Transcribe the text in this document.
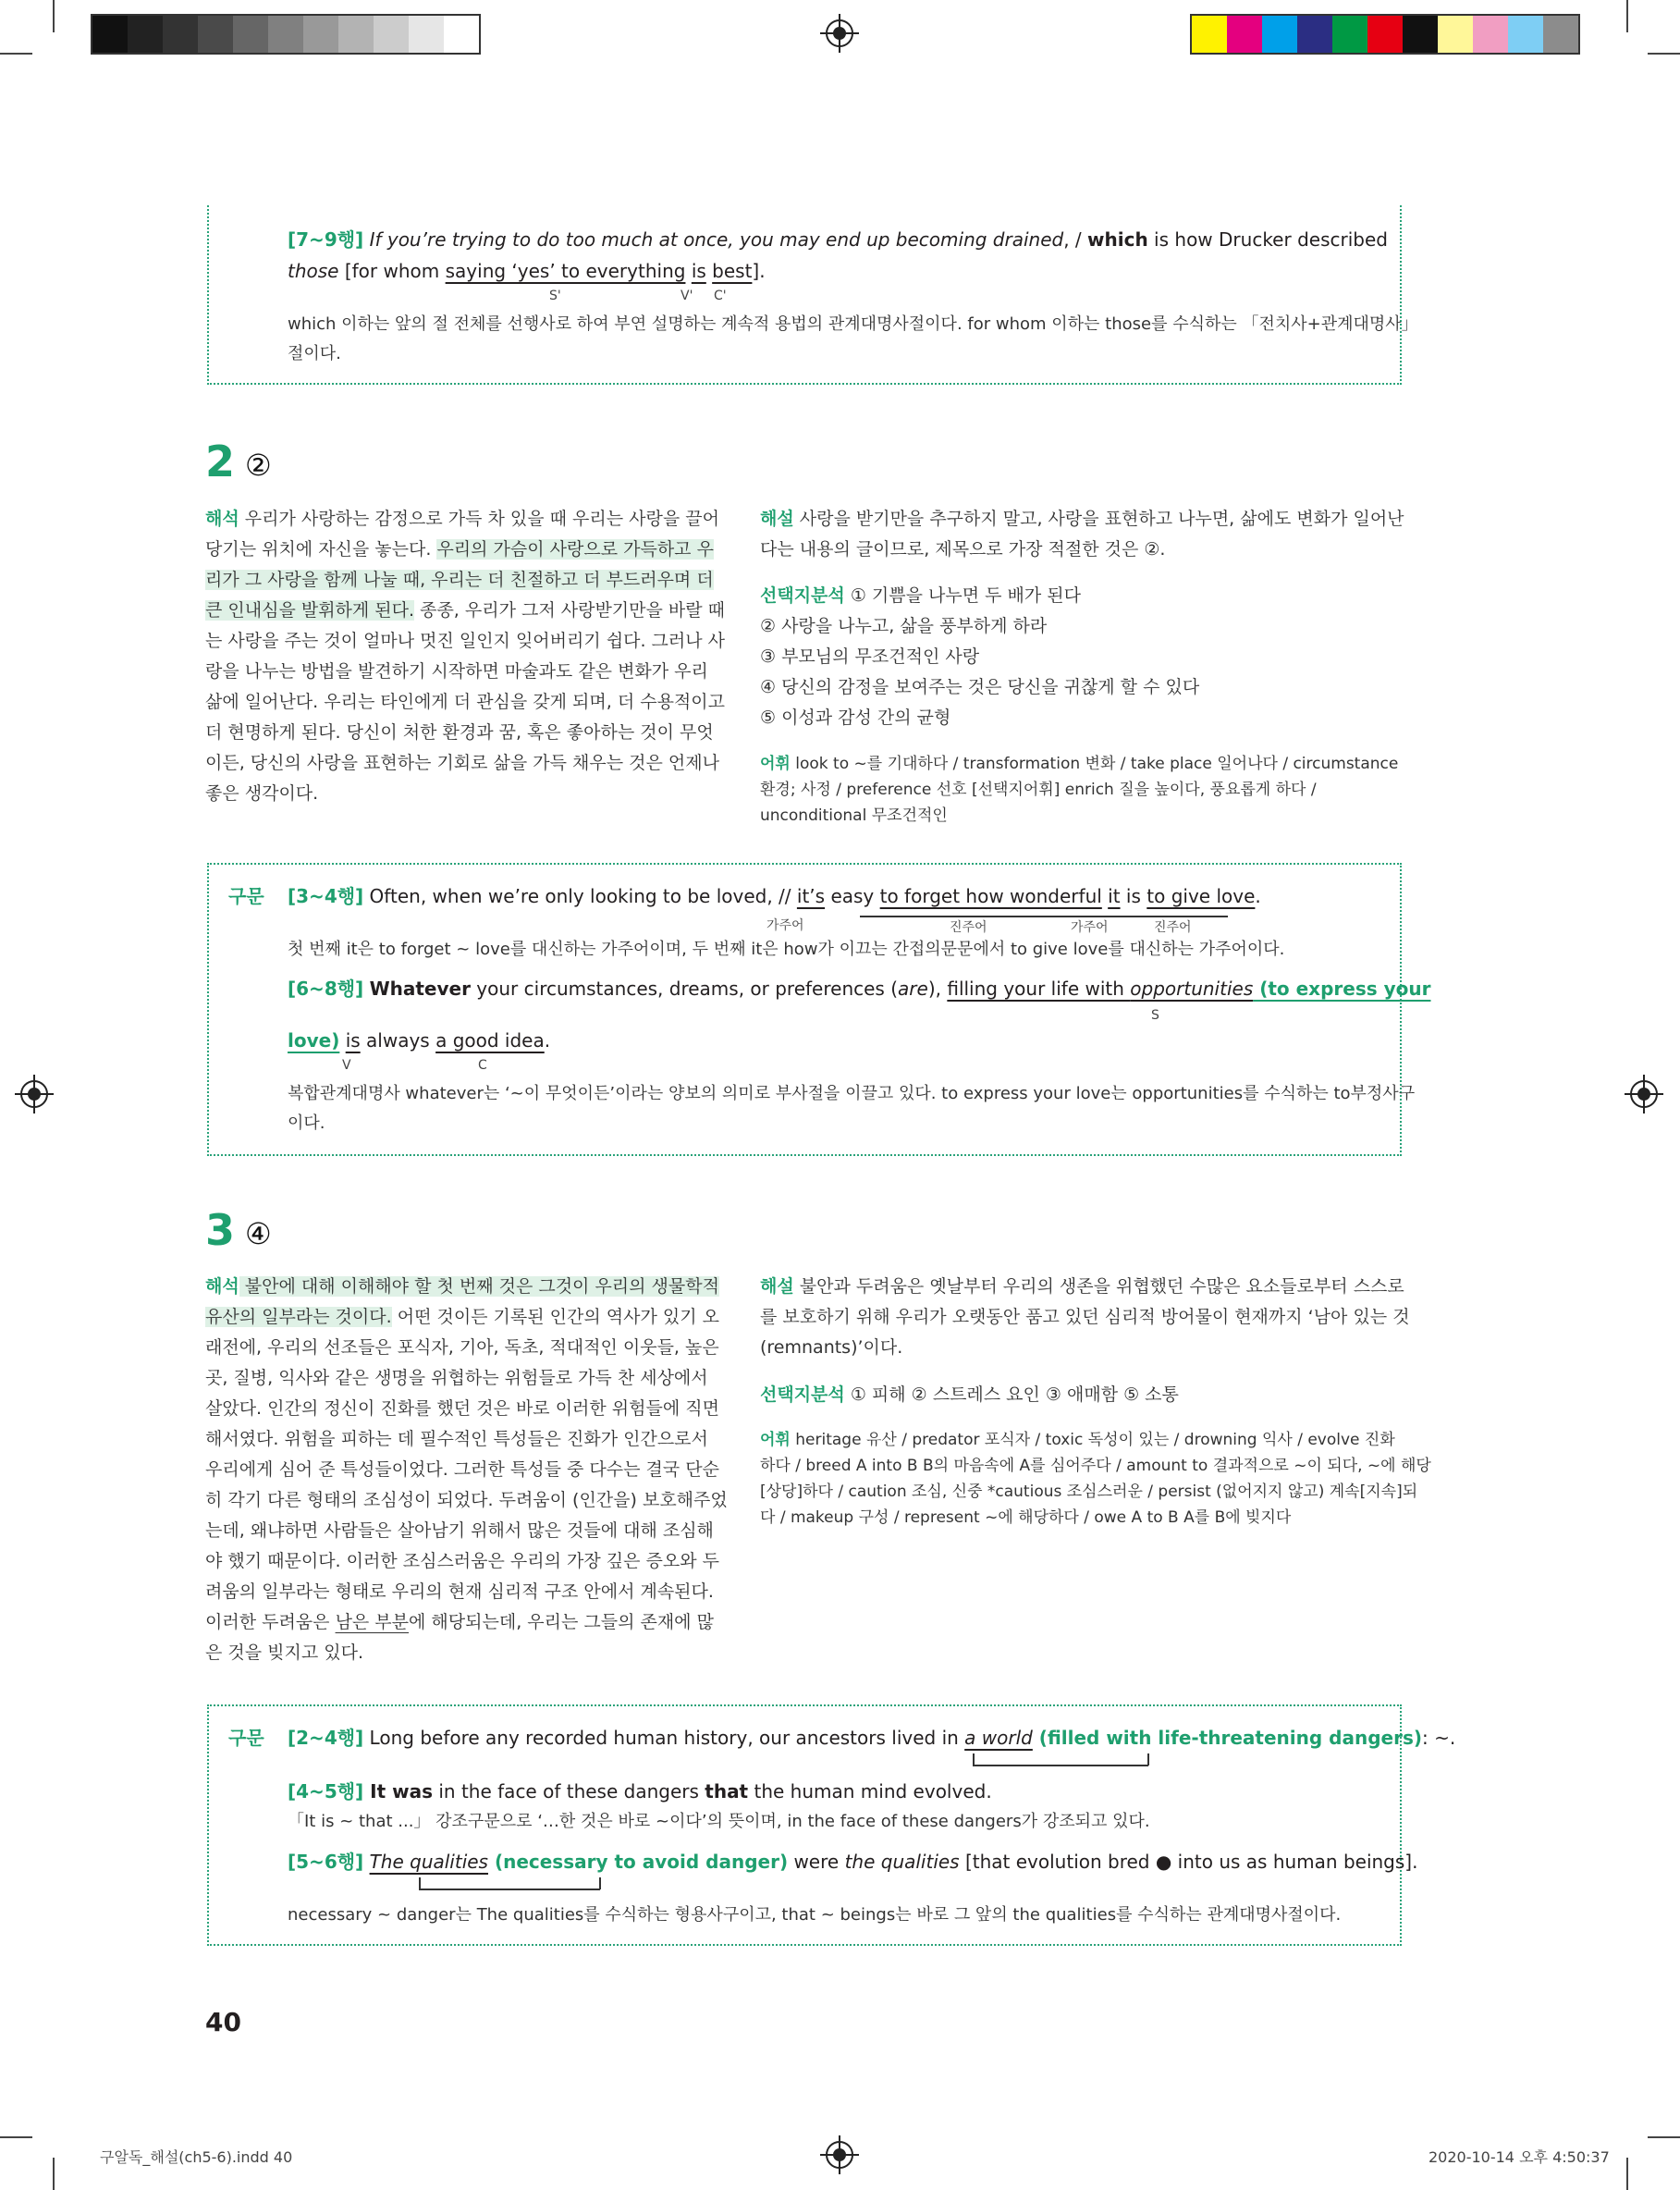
구알독_해설(ch5-6).indd 40	2020-10-14 오후 4:50:37
[7~9행] If you’re trying to do too much at once, you may end up becoming drained, / which is how Drucker described
those [for whom saying ‘yes’ to everything is best].
S'	V' C'
which 이하는 앞의 절 전체를 선행사로 하여 부연 설명하는 계속적 용법의 관계대명사절이다. for whom 이하는 those를 수식하는 「전치사+관계대명사」
절이다.
2 ②
해석 우리가 사랑하는 감정으로 가득 차 있을 때 우리는 사랑을 끌어
당기는 위치에 자신을 놓는다. 우리의 가슴이 사랑으로 가득하고 우
리가 그 사랑을 함께 나눌 때, 우리는 더 친절하고 더 부드러우며 더
큰 인내심을 발휘하게 된다. 종종, 우리가 그저 사랑받기만을 바랄 때
는 사랑을 주는 것이 얼마나 멋진 일인지 잊어버리기 쉽다. 그러나 사
랑을 나누는 방법을 발견하기 시작하면 마술과도 같은 변화가 우리
삶에 일어난다. 우리는 타인에게 더 관심을 갖게 되며, 더 수용적이고
더 현명하게 된다. 당신이 처한 환경과 꿈, 혹은 좋아하는 것이 무엇
이든, 당신의 사랑을 표현하는 기회로 삶을 가득 채우는 것은 언제나
좋은 생각이다.
해설 사랑을 받기만을 추구하지 말고, 사랑을 표현하고 나누면, 삶에도 변화가 일어난
다는 내용의 글이므로, 제목으로 가장 적절한 것은 ②.
선택지분석 ① 기쁨을 나누면 두 배가 된다
② 사랑을 나누고, 삶을 풍부하게 하라
③ 부모님의 무조건적인 사랑
④ 당신의 감정을 보여주는 것은 당신을 귀찮게 할 수 있다
⑤ 이성과 감성 간의 균형
어휘 look to ~를 기대하다 / transformation 변화 / take place 일어나다 / circumstance
환경; 사정 / preference 선호 [선택지어휘] enrich 질을 높이다, 풍요롭게 하다 /
unconditional 무조건적인
구문 [3~4행] Often, when we’re only looking to be loved, // it’s easy to forget how wonderful it is to give love.
가주어	진주어	가주어	진주어
첫 번째 it은 to forget ~ love를 대신하는 가주어이며, 두 번째 it은 how가 이끄는 간접의문문에서 to give love를 대신하는 가주어이다.
[6~8행] Whatever your circumstances, dreams, or preferences (are), filling your life with opportunities (to express your
S
love) is always a good idea.
V	C
복합관계대명사 whatever는 ‘~이 무엇이든’이라는 양보의 의미로 부사절을 이끌고 있다. to express your love는 opportunities를 수식하는 to부정사구
이다.
3 ④
해석 불안에 대해 이해해야 할 첫 번째 것은 그것이 우리의 생물학적
유산의 일부라는 것이다. 어떤 것이든 기록된 인간의 역사가 있기 오
래전에, 우리의 선조들은 포식자, 기아, 독초, 적대적인 이웃들, 높은
곳, 질병, 익사와 같은 생명을 위협하는 위험들로 가득 찬 세상에서
살았다. 인간의 정신이 진화를 했던 것은 바로 이러한 위험들에 직면
해서였다. 위험을 피하는 데 필수적인 특성들은 진화가 인간으로서
우리에게 심어 준 특성들이었다. 그러한 특성들 중 다수는 결국 단순
히 각기 다른 형태의 조심성이 되었다. 두려움이 (인간을) 보호해주었
는데, 왜냐하면 사람들은 살아남기 위해서 많은 것들에 대해 조심해
야 했기 때문이다. 이러한 조심스러움은 우리의 가장 깊은 증오와 두
려움의 일부라는 형태로 우리의 현재 심리적 구조 안에서 계속된다.
이러한 두려움은 남은 부분에 해당되는데, 우리는 그들의 존재에 많
은 것을 빚지고 있다.
해설 불안과 두려움은 옛날부터 우리의 생존을 위협했던 수많은 요소들로부터 스스로
를 보호하기 위해 우리가 오랫동안 품고 있던 심리적 방어물이 현재까지 ‘남아 있는 것
(remnants)’이다.
선택지분석 ① 피해 ② 스트레스 요인 ③ 애매함 ⑤ 소통
어휘 heritage 유산 / predator 포식자 / toxic 독성이 있는 / drowning 익사 / evolve 진화
하다 / breed A into B B의 마음속에 A를 심어주다 / amount to 결과적으로 ~이 되다, ~에 해당
[상당]하다 / caution 조심, 신중 *cautious 조심스러운 / persist (없어지지 않고) 계속[지속]되
다 / makeup 구성 / represent ~에 해당하다 / owe A to B A를 B에 빚지다
구문 [2~4행] Long before any recorded human history, our ancestors lived in a world (filled with life-threatening dangers): ~.
[4~5행] It was in the face of these dangers that the human mind evolved.
「It is ~ that ...」 강조구문으로 ‘…한 것은 바로 ~이다’의 뜻이며, in the face of these dangers가 강조되고 있다.
[5~6행] The qualities (necessary to avoid danger) were the qualities [that evolution bred ● into us as human beings].
necessary ~ danger는 The qualities를 수식하는 형용사구이고, that ~ beings는 바로 그 앞의 the qualities를 수식하는 관계대명사절이다.
40
